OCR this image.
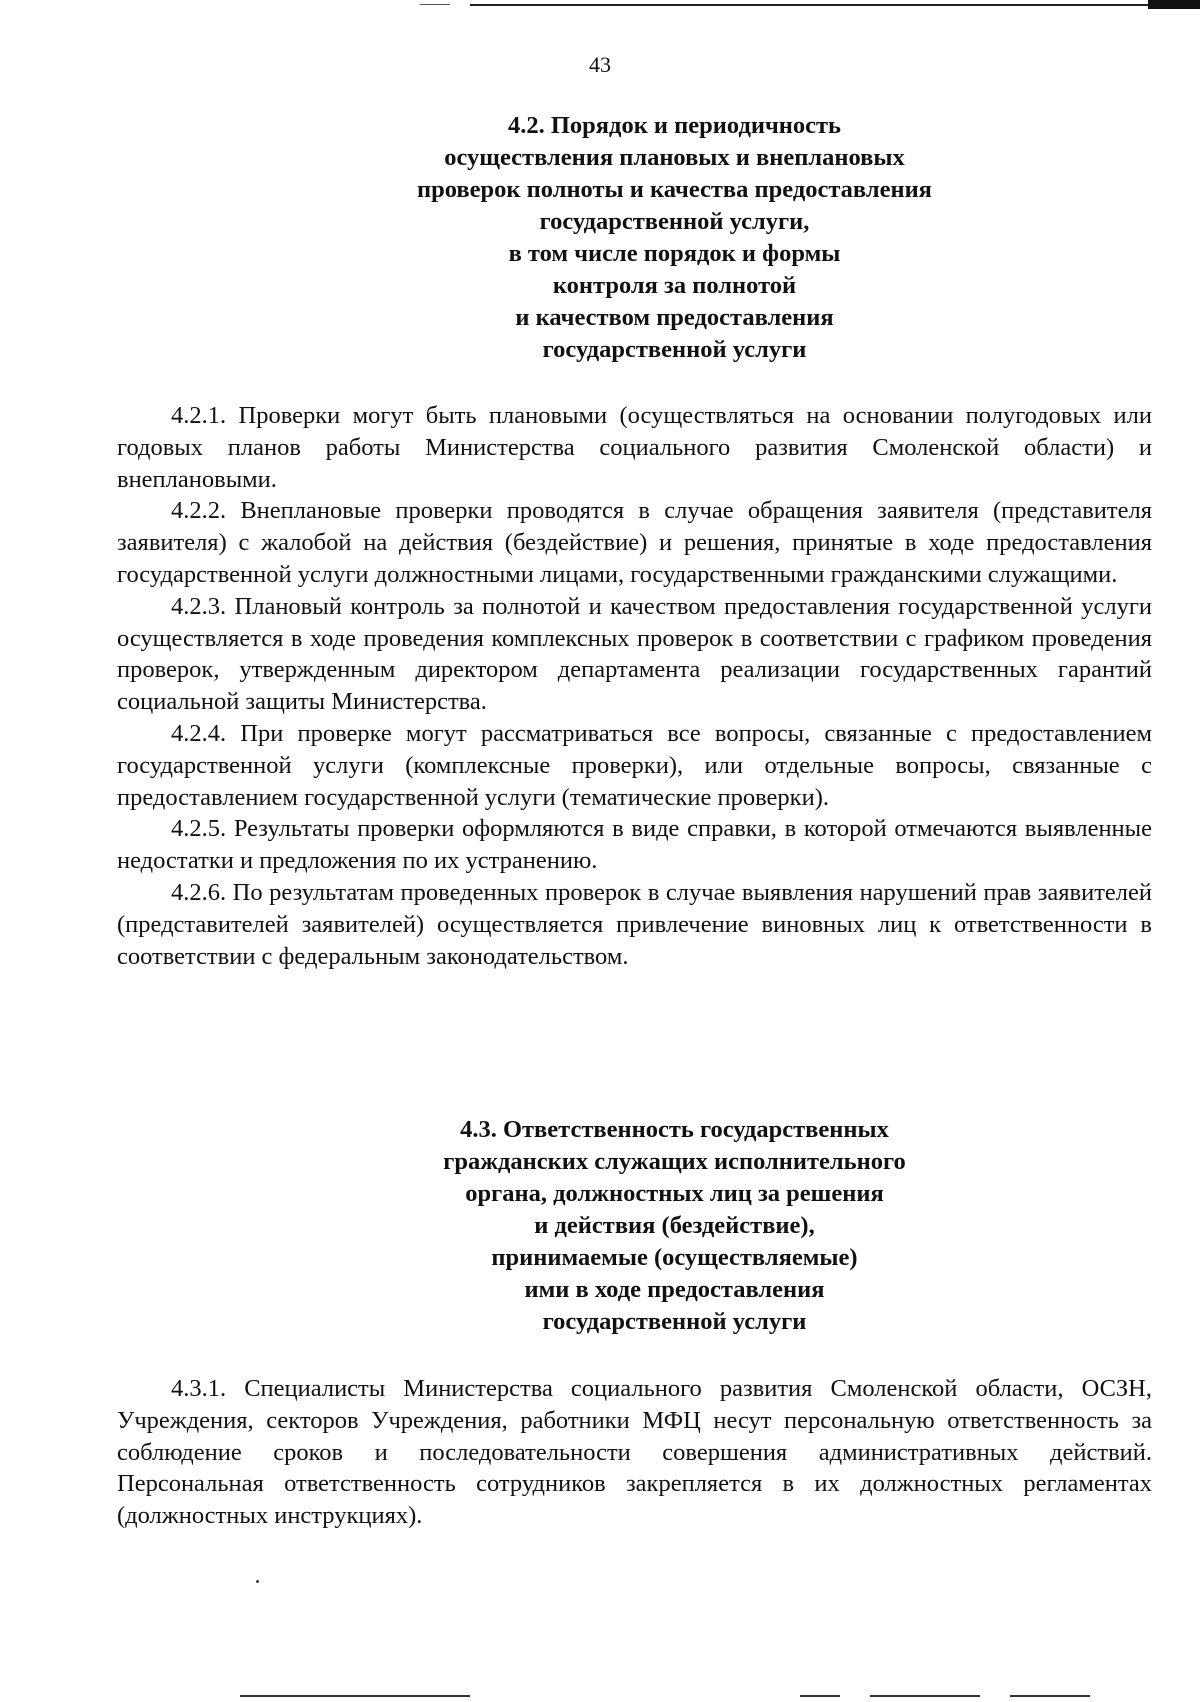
43
4.2. Порядок и периодичность
осуществления плановых и внеплановых
проверок полноты и качества предоставления
государственной услуги,
в том числе порядок и формы
контроля за полнотой
и качеством предоставления
государственной услуги

4.2.1. Проверки могут быть плановыми (осуществляться на основании полугодовых или годовых планов работы Министерства социального развития Смоленской области) и внеплановыми.

4.2.2. Внеплановые проверки проводятся в случае обращения заявителя (представителя заявителя) с жалобой на действия (бездействие) и решения, принятые в ходе предоставления государственной услуги должностными лицами, государственными гражданскими служащими.

4.2.3. Плановый контроль за полнотой и качеством предоставления государственной услуги осуществляется в ходе проведения комплексных проверок в соответствии с графиком проведения проверок, утвержденным директором департамента реализации государственных гарантий социальной защиты Министерства.

4.2.4. При проверке могут рассматриваться все вопросы, связанные с предоставлением государственной услуги (комплексные проверки), или отдельные вопросы, связанные с предоставлением государственной услуги (тематические проверки).

4.2.5. Результаты проверки оформляются в виде справки, в которой отмечаются выявленные недостатки и предложения по их устранению.

4.2.6. По результатам проведенных проверок в случае выявления нарушений прав заявителей (представителей заявителей) осуществляется привлечение виновных лиц к ответственности в соответствии с федеральным законодательством.

4.3. Ответственность государственных
гражданских служащих исполнительного
органа, должностных лиц за решения
и действия (бездействие),
принимаемые (осуществляемые)
ими в ходе предоставления
государственной услуги

4.3.1. Специалисты Министерства социального развития Смоленской области, ОСЗН, Учреждения, секторов Учреждения, работники МФЦ несут персональную ответственность за соблюдение сроков и последовательности совершения административных действий. Персональная ответственность сотрудников закрепляется в их должностных регламентах (должностных инструкциях).
